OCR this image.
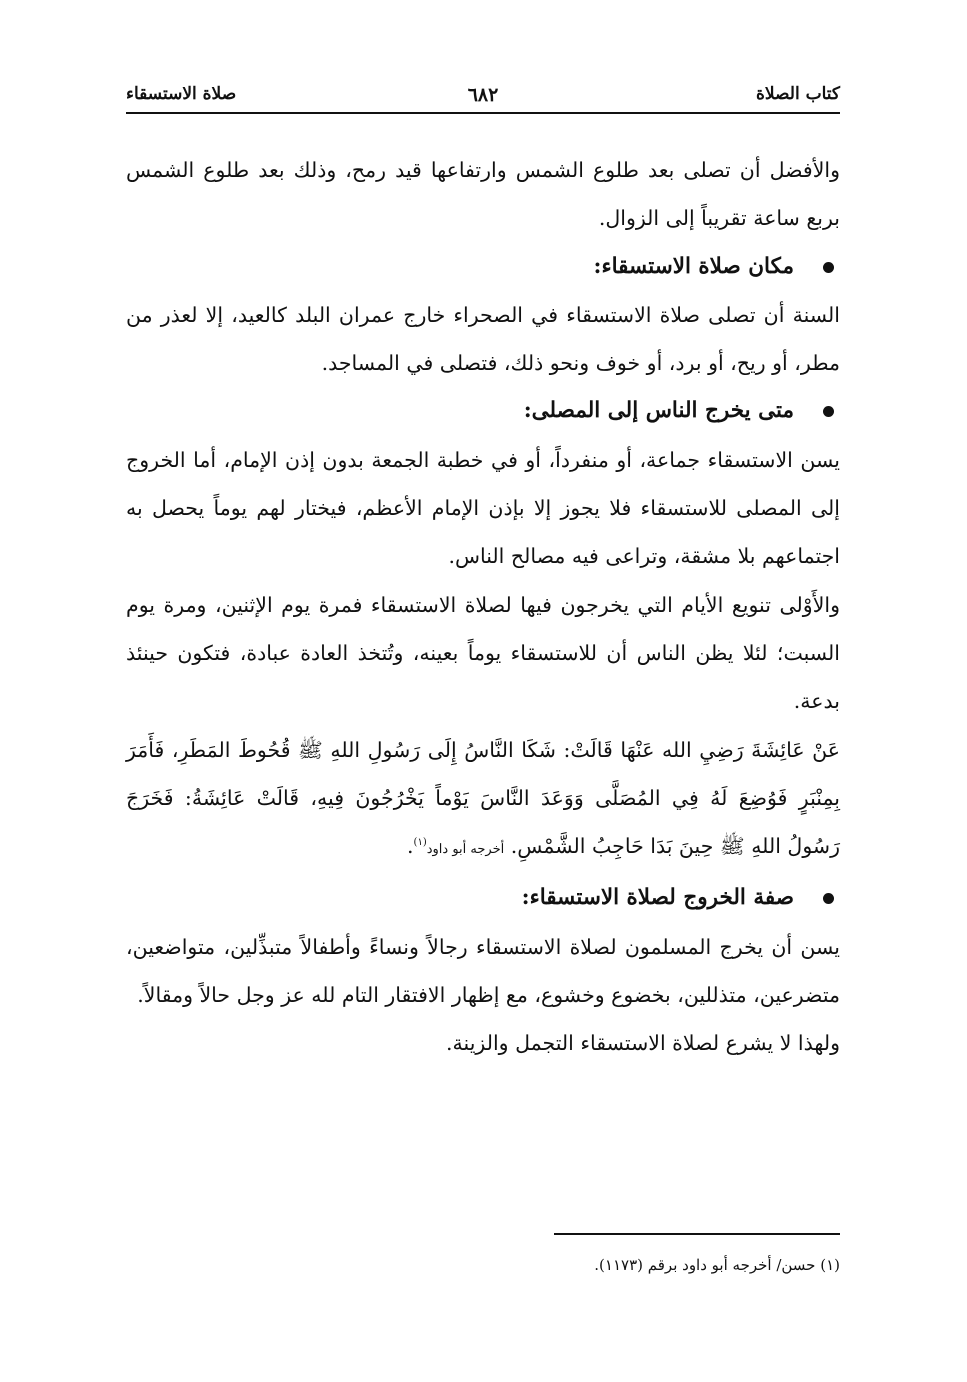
كتاب الصلاة
٦٨٢
صلاة الاستسقاء

والأفضل أن تصلى بعد طلوع الشمس وارتفاعها قيد رمح، وذلك بعد طلوع الشمس بربع ساعة تقريباً إلى الزوال.

مكان صلاة الاستسقاء:

السنة أن تصلى صلاة الاستسقاء في الصحراء خارج عمران البلد كالعيد، إلا لعذر من مطر، أو ريح، أو برد، أو خوف ونحو ذلك، فتصلى في المساجد.

متى يخرج الناس إلى المصلى:

يسن الاستسقاء جماعة، أو منفرداً، أو في خطبة الجمعة بدون إذن الإمام، أما الخروج إلى المصلى للاستسقاء فلا يجوز إلا بإذن الإمام الأعظم، فيختار لهم يوماً يحصل به اجتماعهم بلا مشقة، وتراعى فيه مصالح الناس.

والأَوْلى تنويع الأيام التي يخرجون فيها لصلاة الاستسقاء فمرة يوم الإثنين، ومرة يوم السبت؛ لئلا يظن الناس أن للاستسقاء يوماً بعينه، وتُتخذ العادة عبادة، فتكون حينئذ بدعة.

عَنْ عَائِشَةَ رَضِيِ الله عَنْهَا قَالَتْ: شَكَا النَّاسُ إِلَى رَسُولِ اللهِ ﷺ قُحُوطَ المَطَرِ، فَأَمَرَ بِمِنْبَرٍ فَوُضِعَ لَهُ فِي المُصَلَّى وَوَعَدَ النَّاسَ يَوْماً يَخْرُجُونَ فِيهِ، قَالَتْ عَائِشَةُ: فَخَرَجَ رَسُولُ اللهِ ﷺ حِينَ بَدَا حَاجِبُ الشَّمْسِ. أخرجه أبو داود$^{(١)}$.

صفة الخروج لصلاة الاستسقاء:

يسن أن يخرج المسلمون لصلاة الاستسقاء رجالاً ونساءً وأطفالاً متبذِّلين، متواضعين، متضرعين، متذللين، بخضوع وخشوع، مع إظهار الافتقار التام لله عز وجل حالاً ومقالاً.

ولهذا لا يشرع لصلاة الاستسقاء التجمل والزينة.

(١) حسن/ أخرجه أبو داود برقم (١١٧٣).
